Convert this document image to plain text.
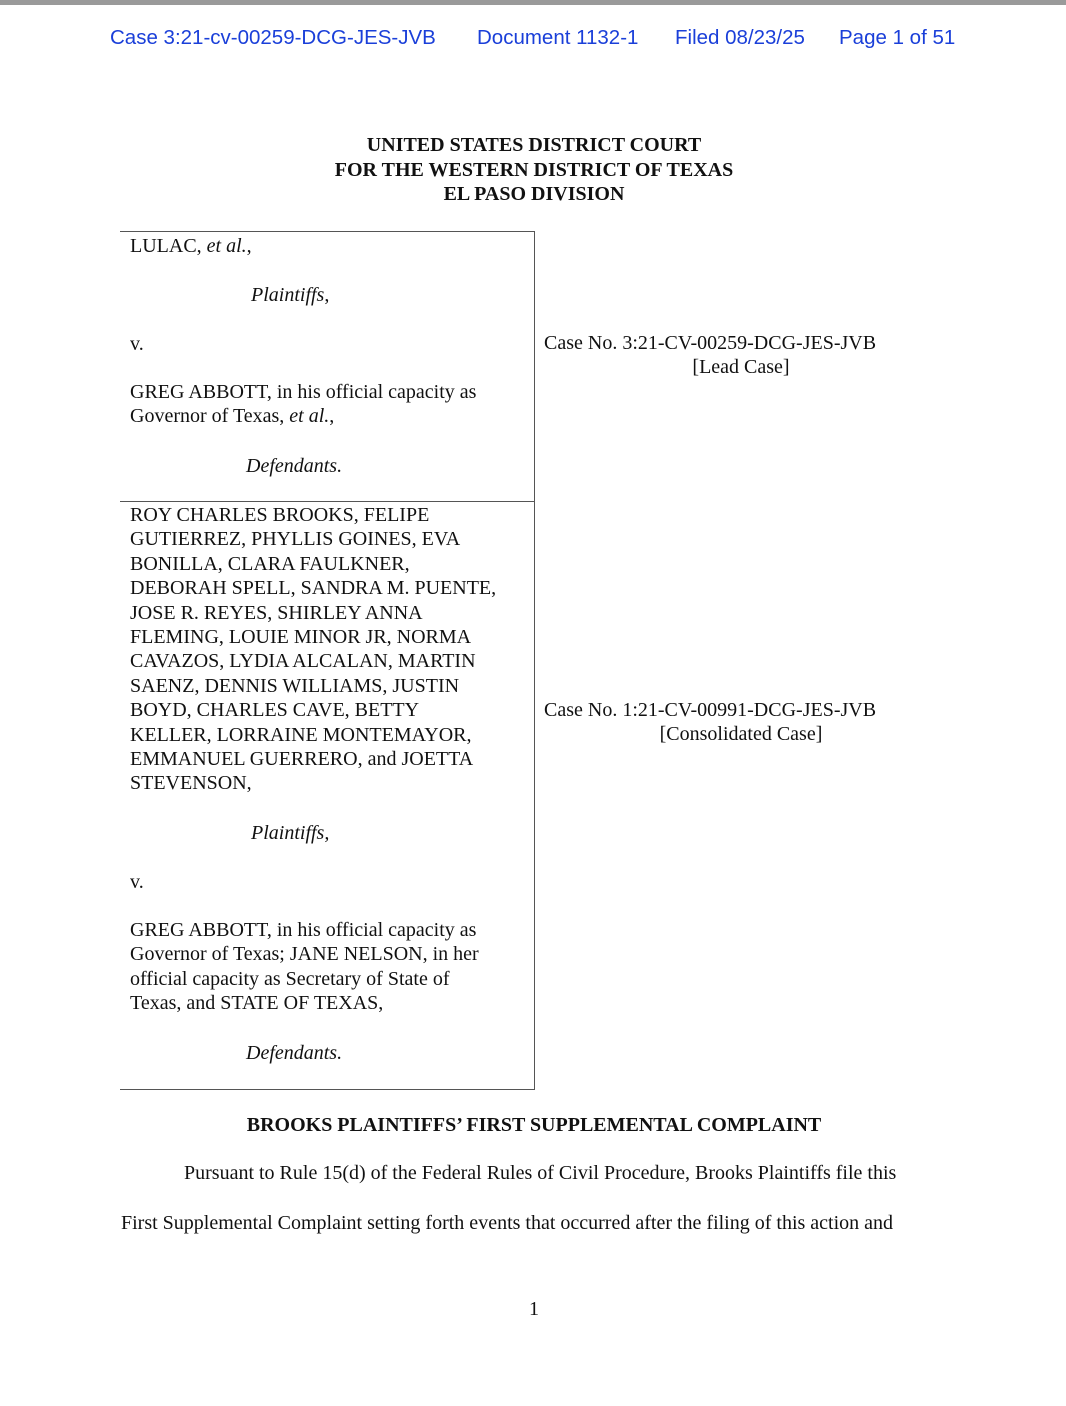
Case 3:21-cv-00259-DCG-JES-JVB Document 1132-1 Filed 08/23/25 Page 1 of 51
UNITED STATES DISTRICT COURT
FOR THE WESTERN DISTRICT OF TEXAS
EL PASO DIVISION
LULAC, et al.,
Plaintiffs,
v.
GREG ABBOTT, in his official capacity as
Governor of Texas, et al.,
Defendants.
ROY CHARLES BROOKS, FELIPE
GUTIERREZ, PHYLLIS GOINES, EVA
BONILLA, CLARA FAULKNER,
DEBORAH SPELL, SANDRA M. PUENTE,
JOSE R. REYES, SHIRLEY ANNA
FLEMING, LOUIE MINOR JR, NORMA
CAVAZOS, LYDIA ALCALAN, MARTIN
SAENZ, DENNIS WILLIAMS, JUSTIN
BOYD, CHARLES CAVE, BETTY
KELLER, LORRAINE MONTEMAYOR,
EMMANUEL GUERRERO, and JOETTA
STEVENSON,
Plaintiffs,
v.
GREG ABBOTT, in his official capacity as
Governor of Texas; JANE NELSON, in her
official capacity as Secretary of State of
Texas, and STATE OF TEXAS,
Defendants.
Case No. 3:21-CV-00259-DCG-JES-JVB
[Lead Case]
Case No. 1:21-CV-00991-DCG-JES-JVB
[Consolidated Case]
BROOKS PLAINTIFFS’ FIRST SUPPLEMENTAL COMPLAINT
Pursuant to Rule 15(d) of the Federal Rules of Civil Procedure, Brooks Plaintiffs file this
First Supplemental Complaint setting forth events that occurred after the filing of this action and
1
